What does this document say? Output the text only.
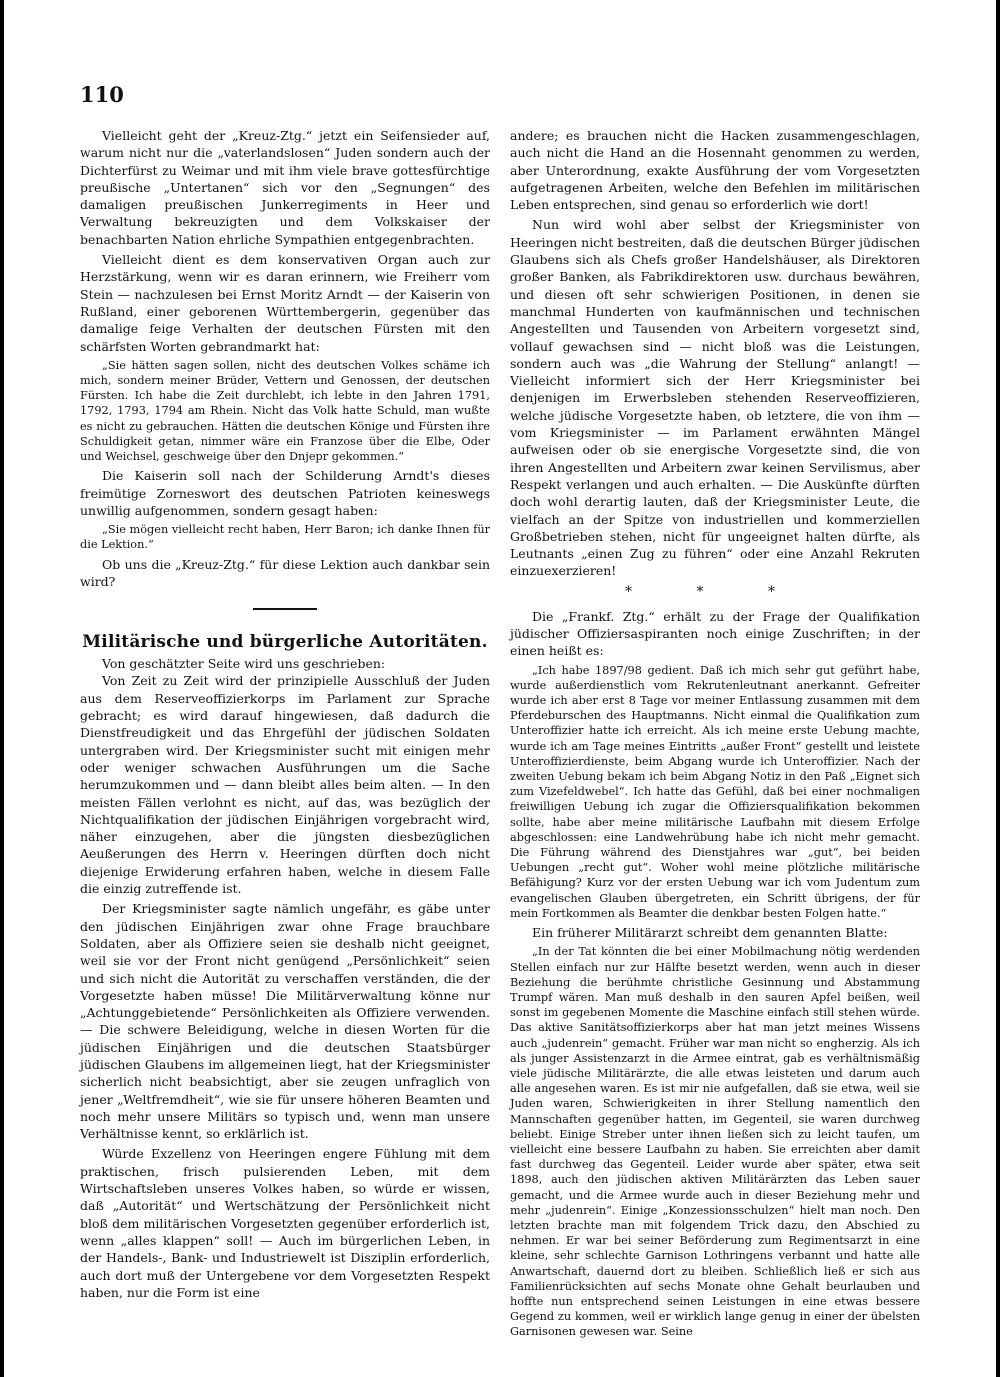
110

Vielleicht geht der „Kreuz-Ztg.“ jetzt ein Seifensieder auf, warum nicht nur die „vaterlandslosen“ Juden sondern auch der Dichterfürst zu Weimar und mit ihm viele brave gottesfürchtige preußische „Untertanen“ sich vor den „Segnungen“ des damaligen preußischen Junkerregiments in Heer und Verwaltung bekreuzigten und dem Volkskaiser der benachbarten Nation ehrliche Sympathien entgegenbrachten.

Vielleicht dient es dem konservativen Organ auch zur Herzstärkung, wenn wir es daran erinnern, wie Freiherr vom Stein — nachzulesen bei Ernst Moritz Arndt — der Kaiserin von Rußland, einer geborenen Württembergerin, gegenüber das damalige feige Verhalten der deutschen Fürsten mit den schärfsten Worten gebrandmarkt hat:

„Sie hätten sagen sollen, nicht des deutschen Volkes schäme ich mich, sondern meiner Brüder, Vettern und Genossen, der deutschen Fürsten. Ich habe die Zeit durchlebt, ich lebte in den Jahren 1791, 1792, 1793, 1794 am Rhein. Nicht das Volk hatte Schuld, man wußte es nicht zu gebrauchen. Hätten die deutschen Könige und Fürsten ihre Schuldigkeit getan, nimmer wäre ein Franzose über die Elbe, Oder und Weichsel, geschweige über den Dnjepr gekommen.“

Die Kaiserin soll nach der Schilderung Arndt's dieses freimütige Zorneswort des deutschen Patrioten keineswegs unwillig aufgenommen, sondern gesagt haben:

„Sie mögen vielleicht recht haben, Herr Baron; ich danke Ihnen für die Lektion.“

Ob uns die „Kreuz-Ztg.“ für diese Lektion auch dankbar sein wird?

Militärische und bürgerliche Autoritäten.

Von geschätzter Seite wird uns geschrieben:

Von Zeit zu Zeit wird der prinzipielle Ausschluß der Juden aus dem Reserveoffizierkorps im Parlament zur Sprache gebracht; es wird darauf hingewiesen, daß dadurch die Dienstfreudigkeit und das Ehrgefühl der jüdischen Soldaten untergraben wird. Der Kriegsminister sucht mit einigen mehr oder weniger schwachen Ausführungen um die Sache herumzukommen und — dann bleibt alles beim alten. — In den meisten Fällen verlohnt es nicht, auf das, was bezüglich der Nichtqualifikation der jüdischen Einjährigen vorgebracht wird, näher einzugehen, aber die jüngsten diesbezüglichen Aeußerungen des Herrn v. Heeringen dürften doch nicht diejenige Erwiderung erfahren haben, welche in diesem Falle die einzig zutreffende ist.

Der Kriegsminister sagte nämlich ungefähr, es gäbe unter den jüdischen Einjährigen zwar ohne Frage brauchbare Soldaten, aber als Offiziere seien sie deshalb nicht geeignet, weil sie vor der Front nicht genügend „Persönlichkeit“ seien und sich nicht die Autorität zu verschaffen verständen, die der Vorgesetzte haben müsse! Die Militärverwaltung könne nur „Achtunggebietende“ Persönlichkeiten als Offiziere verwenden. — Die schwere Beleidigung, welche in diesen Worten für die jüdischen Einjährigen und die deutschen Staatsbürger jüdischen Glaubens im allgemeinen liegt, hat der Kriegsminister sicherlich nicht beabsichtigt, aber sie zeugen unfraglich von jener „Weltfremdheit“, wie sie für unsere höheren Beamten und noch mehr unsere Militärs so typisch und, wenn man unsere Verhältnisse kennt, so erklärlich ist.

Würde Exzellenz von Heeringen engere Fühlung mit dem praktischen, frisch pulsierenden Leben, mit dem Wirtschaftsleben unseres Volkes haben, so würde er wissen, daß „Autorität“ und Wertschätzung der Persönlichkeit nicht bloß dem militärischen Vorgesetzten gegenüber erforderlich ist, wenn „alles klappen“ soll! — Auch im bürgerlichen Leben, in der Handels-, Bank- und Industriewelt ist Disziplin erforderlich, auch dort muß der Untergebene vor dem Vorgesetzten Respekt haben, nur die Form ist eine

andere; es brauchen nicht die Hacken zusammengeschlagen, auch nicht die Hand an die Hosennaht genommen zu werden, aber Unterordnung, exakte Ausführung der vom Vorgesetzten aufgetragenen Arbeiten, welche den Befehlen im militärischen Leben entsprechen, sind genau so erforderlich wie dort!

Nun wird wohl aber selbst der Kriegsminister von Heeringen nicht bestreiten, daß die deutschen Bürger jüdischen Glaubens sich als Chefs großer Handelshäuser, als Direktoren großer Banken, als Fabrikdirektoren usw. durchaus bewähren, und diesen oft sehr schwierigen Positionen, in denen sie manchmal Hunderten von kaufmännischen und technischen Angestellten und Tausenden von Arbeitern vorgesetzt sind, vollauf gewachsen sind — nicht bloß was die Leistungen, sondern auch was „die Wahrung der Stellung“ anlangt! — Vielleicht informiert sich der Herr Kriegsminister bei denjenigen im Erwerbsleben stehenden Reserveoffizieren, welche jüdische Vorgesetzte haben, ob letztere, die von ihm — vom Kriegsminister — im Parlament erwähnten Mängel aufweisen oder ob sie energische Vorgesetzte sind, die von ihren Angestellten und Arbeitern zwar keinen Servilismus, aber Respekt verlangen und auch erhalten. — Die Auskünfte dürften doch wohl derartig lauten, daß der Kriegsminister Leute, die vielfach an der Spitze von industriellen und kommerziellen Großbetrieben stehen, nicht für ungeeignet halten dürfte, als Leutnants „einen Zug zu führen“ oder eine Anzahl Rekruten einzuexerzieren!

* * *

Die „Frankf. Ztg.“ erhält zu der Frage der Qualifikation jüdischer Offiziersaspiranten noch einige Zuschriften; in der einen heißt es:

„Ich habe 1897/98 gedient. Daß ich mich sehr gut geführt habe, wurde außerdienstlich vom Rekrutenleutnant anerkannt. Gefreiter wurde ich aber erst 8 Tage vor meiner Entlassung zusammen mit dem Pferdeburschen des Hauptmanns. Nicht einmal die Qualifikation zum Unteroffizier hatte ich erreicht. Als ich meine erste Uebung machte, wurde ich am Tage meines Eintritts „außer Front“ gestellt und leistete Unteroffizierdienste, beim Abgang wurde ich Unteroffizier. Nach der zweiten Uebung bekam ich beim Abgang Notiz in den Paß „Eignet sich zum Vizefeldwebel“. Ich hatte das Gefühl, daß bei einer nochmaligen freiwilligen Uebung ich zugar die Offiziersqualifikation bekommen sollte, habe aber meine militärische Laufbahn mit diesem Erfolge abgeschlossen: eine Landwehrübung habe ich nicht mehr gemacht. Die Führung während des Dienstjahres war „gut“, bei beiden Uebungen „recht gut“. Woher wohl meine plötzliche militärische Befähigung? Kurz vor der ersten Uebung war ich vom Judentum zum evangelischen Glauben übergetreten, ein Schritt übrigens, der für mein Fortkommen als Beamter die denkbar besten Folgen hatte.“

Ein früherer Militärarzt schreibt dem genannten Blatte:

„In der Tat könnten die bei einer Mobilmachung nötig werdenden Stellen einfach nur zur Hälfte besetzt werden, wenn auch in dieser Beziehung die berühmte christliche Gesinnung und Abstammung Trumpf wären. Man muß deshalb in den sauren Apfel beißen, weil sonst im gegebenen Momente die Maschine einfach still stehen würde. Das aktive Sanitätsoffizierkorps aber hat man jetzt meines Wissens auch „judenrein“ gemacht. Früher war man nicht so engherzig. Als ich als junger Assistenzarzt in die Armee eintrat, gab es verhältnismäßig viele jüdische Militärärzte, die alle etwas leisteten und darum auch alle angesehen waren. Es ist mir nie aufgefallen, daß sie etwa, weil sie Juden waren, Schwierigkeiten in ihrer Stellung namentlich den Mannschaften gegenüber hatten, im Gegenteil, sie waren durchweg beliebt. Einige Streber unter ihnen ließen sich zu leicht taufen, um vielleicht eine bessere Laufbahn zu haben. Sie erreichten aber damit fast durchweg das Gegenteil. Leider wurde aber später, etwa seit 1898, auch den jüdischen aktiven Militärärzten das Leben sauer gemacht, und die Armee wurde auch in dieser Beziehung mehr und mehr „judenrein“. Einige „Konzessionsschulzen“ hielt man noch. Den letzten brachte man mit folgendem Trick dazu, den Abschied zu nehmen. Er war bei seiner Beförderung zum Regimentsarzt in eine kleine, sehr schlechte Garnison Lothringens verbannt und hatte alle Anwartschaft, dauernd dort zu bleiben. Schließlich ließ er sich aus Familienrücksichten auf sechs Monate ohne Gehalt beurlauben und hoffte nun entsprechend seinen Leistungen in eine etwas bessere Gegend zu kommen, weil er wirklich lange genug in einer der übelsten Garnisonen gewesen war. Seine
